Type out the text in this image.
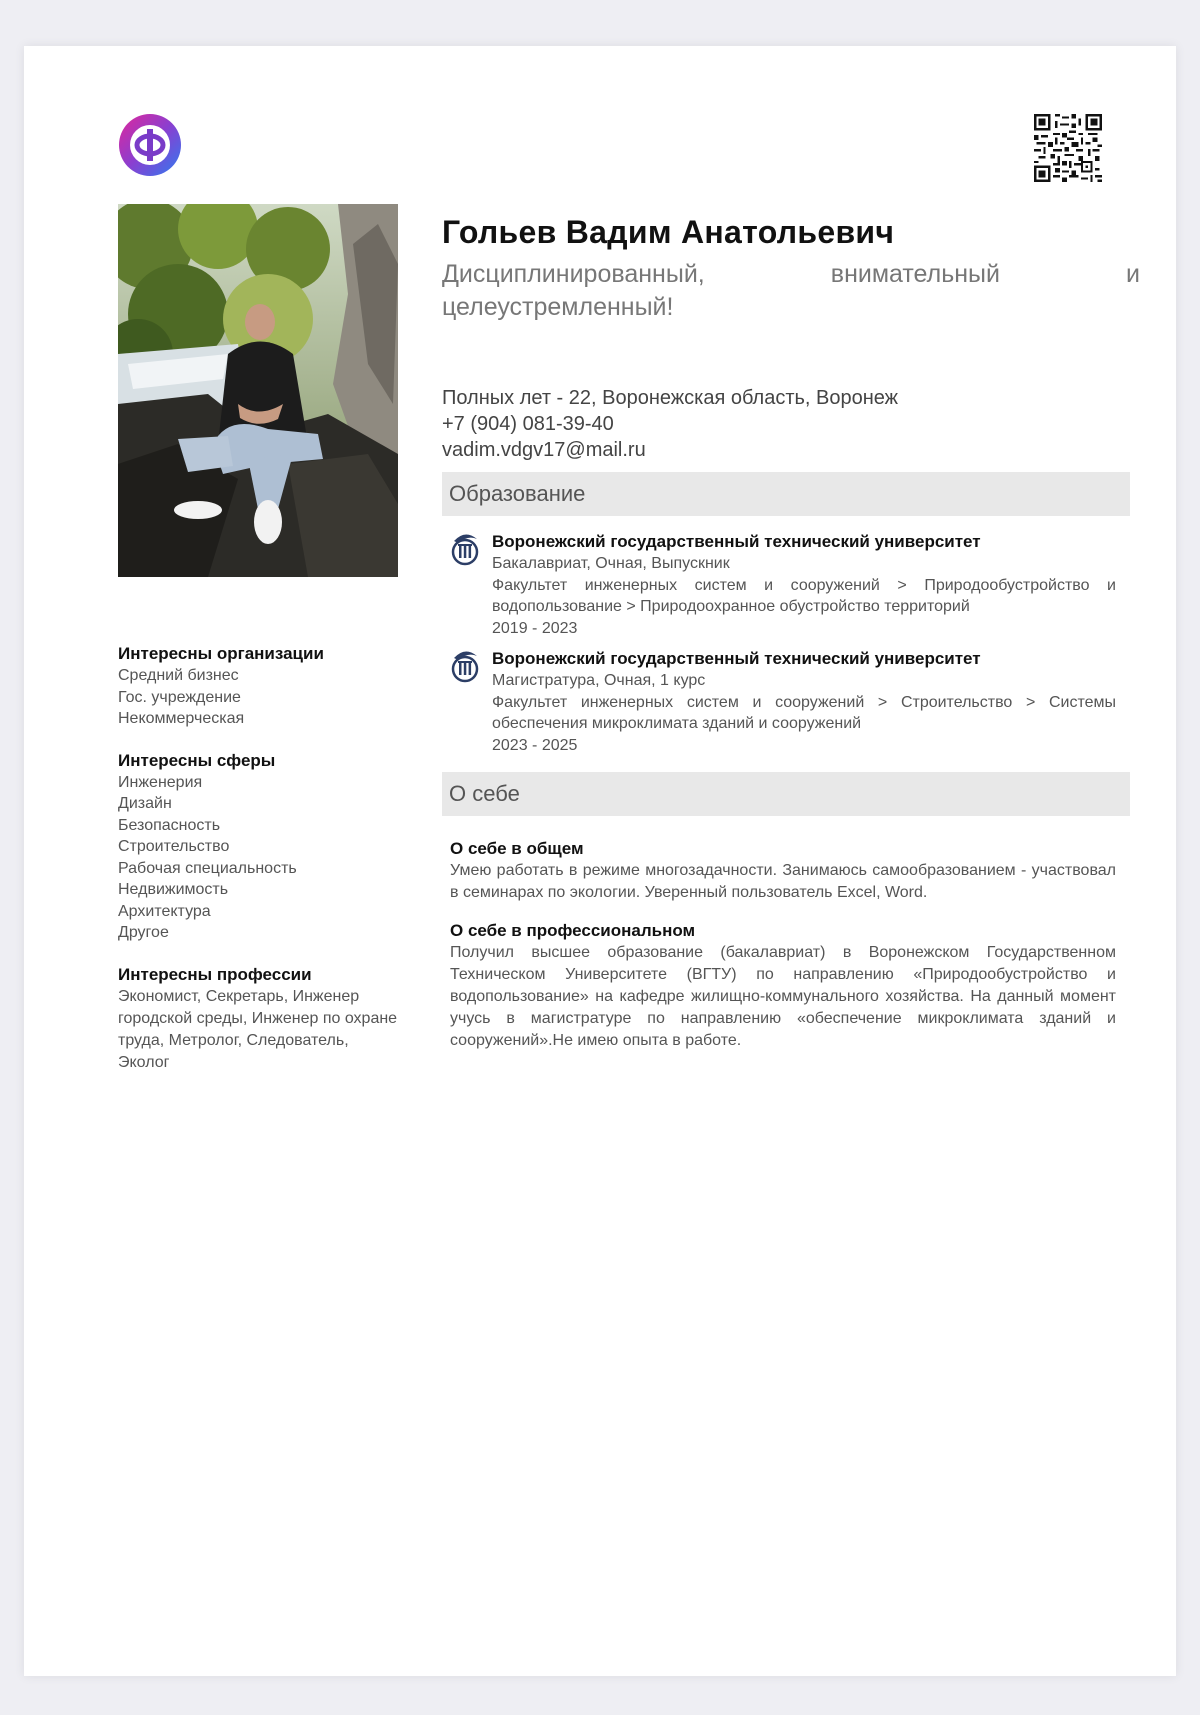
Интересны организации
Средний бизнес
Гос. учреждение
Некоммерческая
Интересны сферы
Инженерия
Дизайн
Безопасность
Строительство
Рабочая специальность
Недвижимость
Архитектура
Другое
Интересны профессии
Экономист, Секретарь, Инженер городской среды, Инженер по охране труда, Метролог, Следователь, Эколог
Гольев Вадим Анатольевич
Дисциплинированный, внимательный и целеустремленный!
Полных лет - 22, Воронежская область, Воронеж
+7 (904) 081-39-40
vadim.vdgv17@mail.ru
Образование
Воронежский государственный технический университет
Бакалавриат, Очная, Выпускник
Факультет инженерных систем и сооружений > Природообустройство и водопользование > Природоохранное обустройство территорий
2019 - 2023
Воронежский государственный технический университет
Магистратура, Очная, 1 курс
Факультет инженерных систем и сооружений > Строительство > Системы обеспечения микроклимата зданий и сооружений
2023 - 2025
О себе
О себе в общем
Умею работать в режиме многозадачности. Занимаюсь самообразованием - участвовал в семинарах по экологии. Уверенный пользователь Excel, Word.
О себе в профессиональном
Получил высшее образование (бакалавриат) в Воронежском Государственном Техническом Университете (ВГТУ) по направлению «Природообустройство и водопользование» на кафедре жилищно-коммунального хозяйства. На данный момент учусь в магистратуре по направлению «обеспечение микроклимата зданий и сооружений».Не имею опыта в работе.
